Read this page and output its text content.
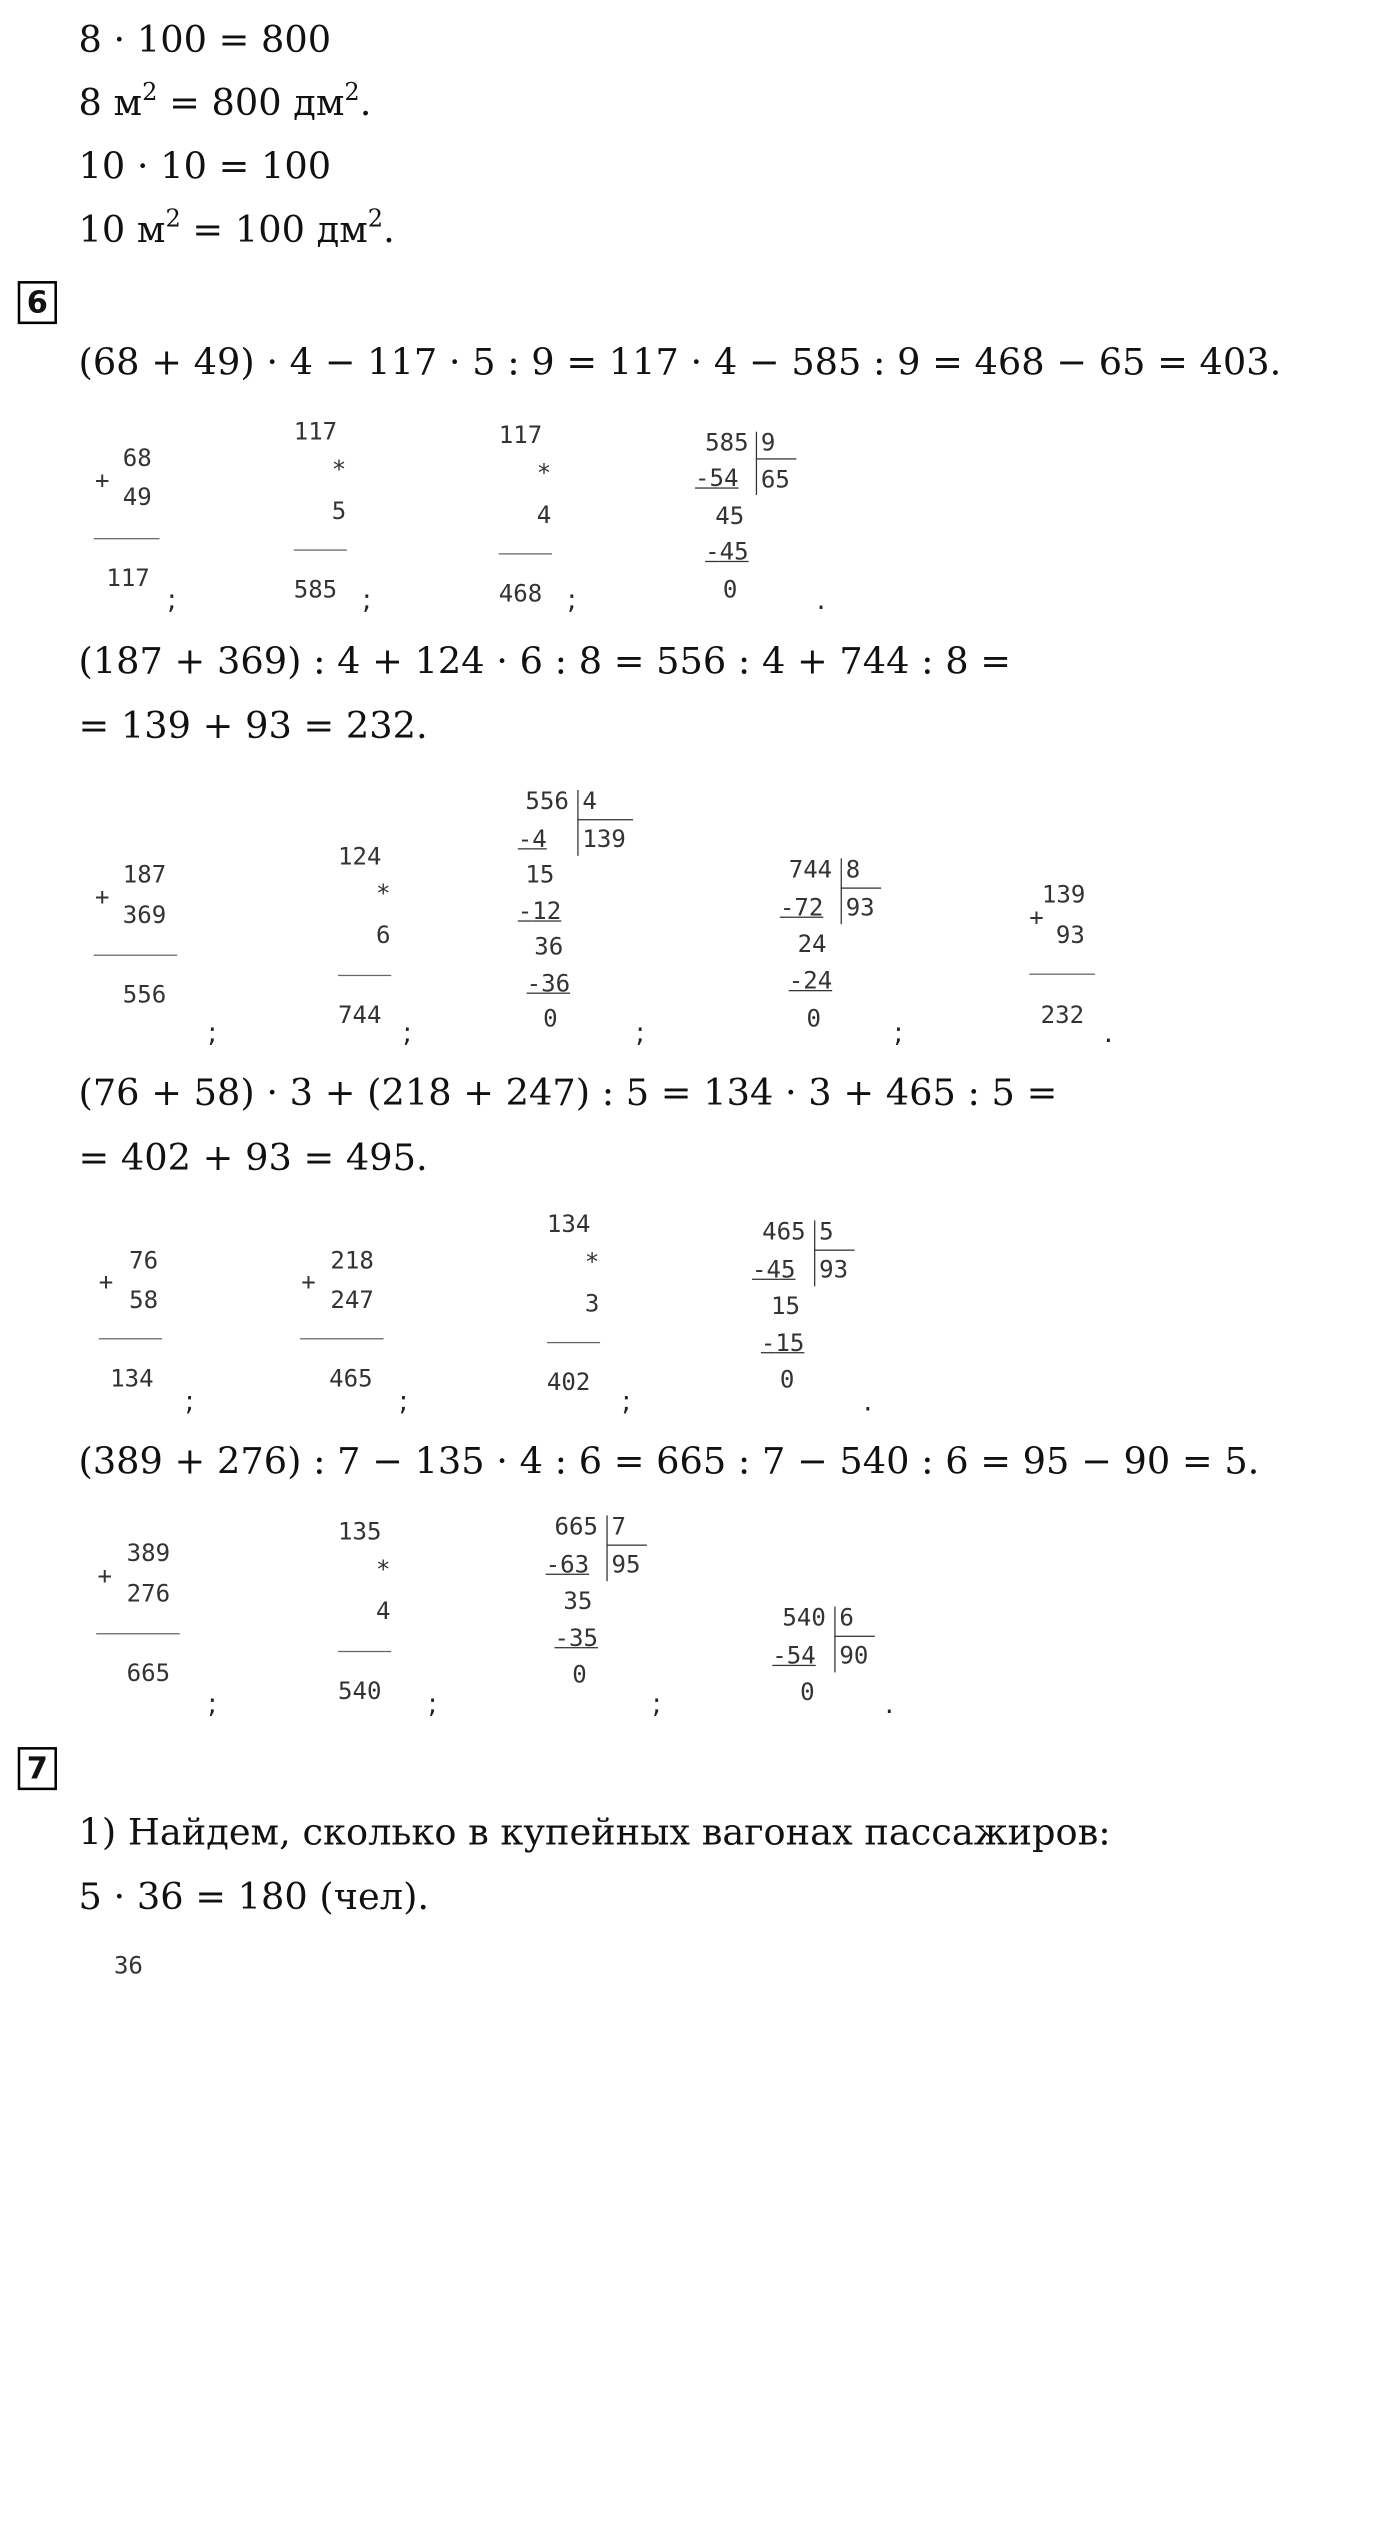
8 · 100 = 800
8 $м^2 = 800$ $дм^2$.
10 · 10 = 100
10 $м^2 = 100$ $дм^2$.
6
(68 + 49) · 4 − 117 · 5 : 9 = 117 · 4 − 585 : 9 = 468 − 65 = 403.
68
+
49
117
;
117
*
5
585 ;
117
*
4
468 ;
585 9
-54 65
45
-45
0	.
(187 + 369) : 4 + 124 · 6 : 8 = 556 : 4 + 744 : 8 =
= 139 + 93 = 232.
187
+
369
556
;
124
*
6
744
;
556 4
-4 139
15
-12
36
-36
0	;
744 8
-72 93
24
-24
0	;
139
+
93
232
.
(76 + 58) · 3 + (218 + 247) : 5 = 134 · 3 + 465 : 5 =
= 402 + 93 = 495.
76
+
58
134
;
218
+
247
465
;
134
*
3
402
;
465 5
-45 93
15
-15
0
.
(389 + 276) : 7 − 135 · 4 : 6 = 665 : 7 − 540 : 6 = 95 − 90 = 5.
389
+
276
665
;
135
*
4
540 ;
665 7
-63 95
35
-35
0
;
540 6
-54 90
0	.
7
1) Найдем, сколько в купейных вагонах пассажиров:
5 · 36 = 180 (чел).
36
